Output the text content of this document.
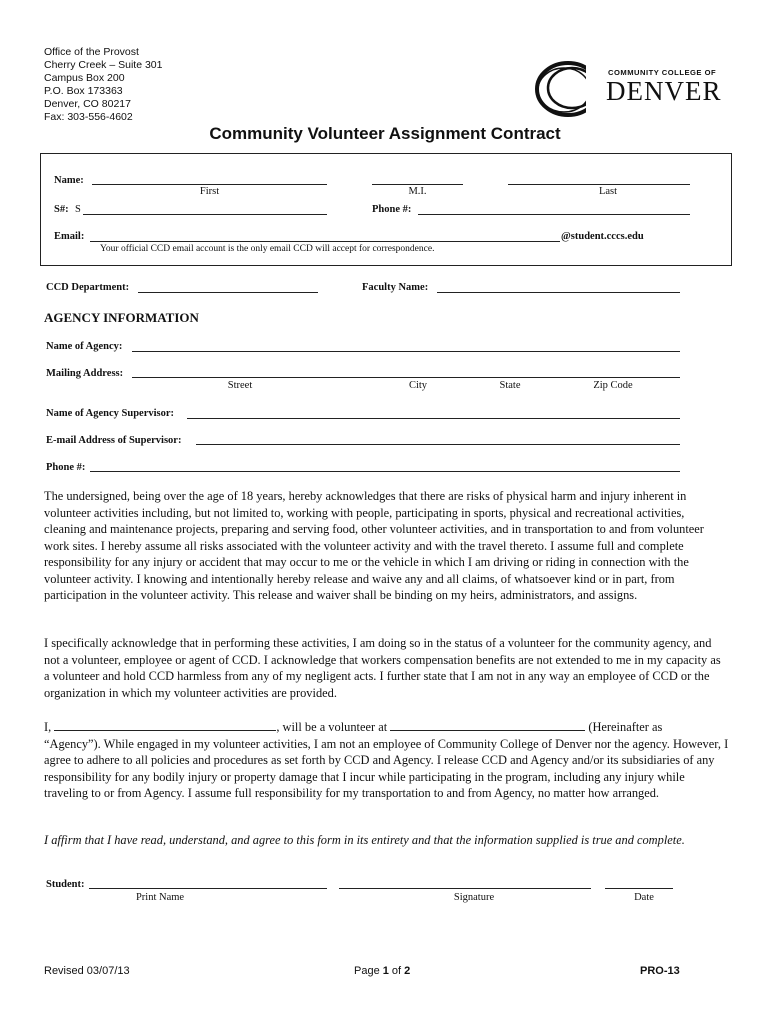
Office of the Provost
Cherry Creek – Suite 301
Campus Box 200
P.O. Box 173363
Denver, CO 80217
Fax: 303-556-4602
COMMUNITY COLLEGE OF
DENVER
Community Volunteer Assignment Contract
Name:
First	M.I.	Last
S#: S	Phone #:
Email:	@student.cccs.edu
Your official CCD email account is the only email CCD will accept for correspondence.
CCD Department:	Faculty Name:
AGENCY INFORMATION
Name of Agency:
Mailing Address:
Street	City	State	Zip Code
Name of Agency Supervisor:
E-mail Address of Supervisor:
Phone #:

The undersigned, being over the age of 18 years, hereby acknowledges that there are risks of physical harm and injury inherent in volunteer activities including, but not limited to, working with people, participating in sports, physical and recreational activities, cleaning and maintenance projects, preparing and serving food, other volunteer activities, and in transportation to and from volunteer work sites. I hereby assume all risks associated with the volunteer activity and with the travel thereto. I assume full and complete responsibility for any injury or accident that may occur to me or the vehicle in which I am driving or riding in connection with the volunteer activity. I knowing and intentionally hereby release and waive any and all claims, of whatsoever kind or in part, from participation in the volunteer activity. This release and waiver shall be binding on my heirs, administrators, and assigns.

I specifically acknowledge that in performing these activities, I am doing so in the status of a volunteer for the community agency, and not a volunteer, employee or agent of CCD. I acknowledge that workers compensation benefits are not extended to me in my capacity as a volunteer and hold CCD harmless from any of my negligent acts. I further state that I am not in any way an employee of CCD or the organization in which my volunteer activities are provided.

I,	, will be a volunteer at	(Hereinafter as

“Agency”). While engaged in my volunteer activities, I am not an employee of Community College of Denver nor the agency. However, I agree to adhere to all policies and procedures as set forth by CCD and Agency. I release CCD and Agency and/or its subsidiaries of any responsibility for any bodily injury or property damage that I incur while participating in the program, including any injury while traveling to or from Agency. I assume full responsibility for my transportation to and from Agency, no matter how arranged.

I affirm that I have read, understand, and agree to this form in its entirety and that the information supplied is true and complete.

Student:
Print Name	Signature	Date
Revised 03/07/13	Page 1 of 2	PRO-13
